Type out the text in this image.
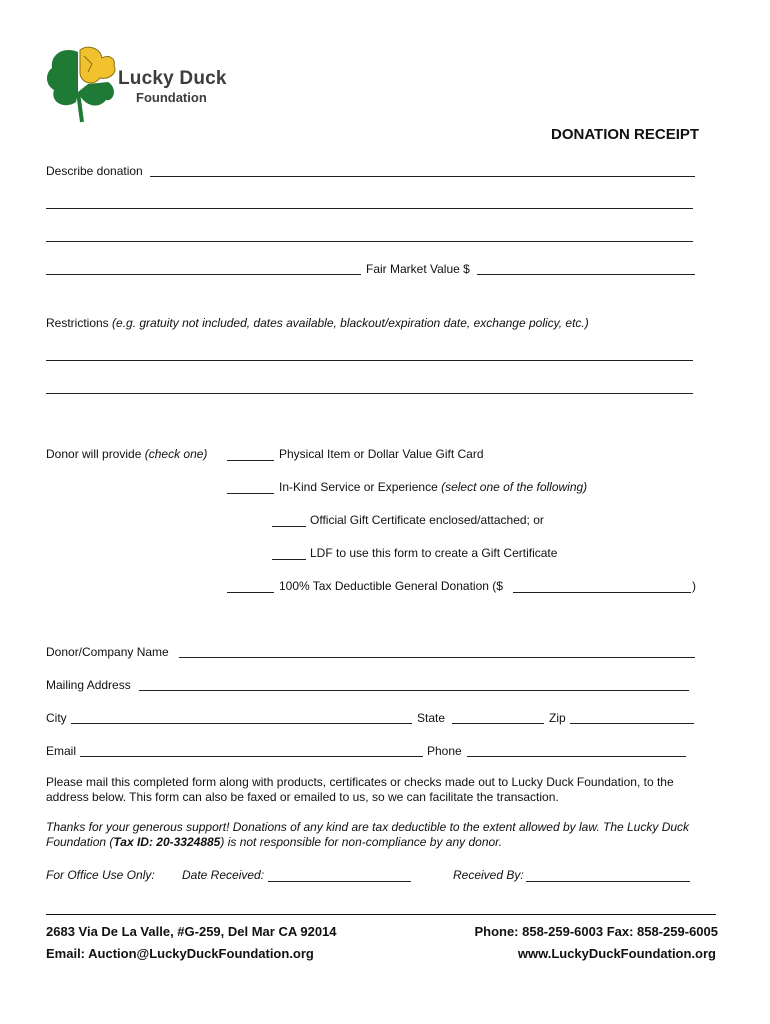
Lucky Duck
Foundation
DONATION RECEIPT
Describe donation
Fair Market Value $
Restrictions (e.g. gratuity not included, dates available, blackout/expiration date, exchange policy, etc.)
Donor will provide (check one)	Physical Item or Dollar Value Gift Card
In-Kind Service or Experience (select one of the following)
Official Gift Certificate enclosed/attached; or
LDF to use this form to create a Gift Certificate
100% Tax Deductible General Donation ($	)
Donor/Company Name
Mailing Address
City	State	Zip
Email	Phone
Please mail this completed form along with products, certificates or checks made out to Lucky Duck Foundation, to the address below. This form can also be faxed or emailed to us, so we can facilitate the transaction.
Thanks for your generous support! Donations of any kind are tax deductible to the extent allowed by law. The Lucky Duck Foundation (Tax ID: 20-3324885) is not responsible for non-compliance by any donor.
For Office Use Only: Date Received:	Received By:
2683 Via De La Valle, #G-259, Del Mar CA 92014	Phone: 858-259-6003 Fax: 858-259-6005
Email: Auction@LuckyDuckFoundation.org	www.LuckyDuckFoundation.org
